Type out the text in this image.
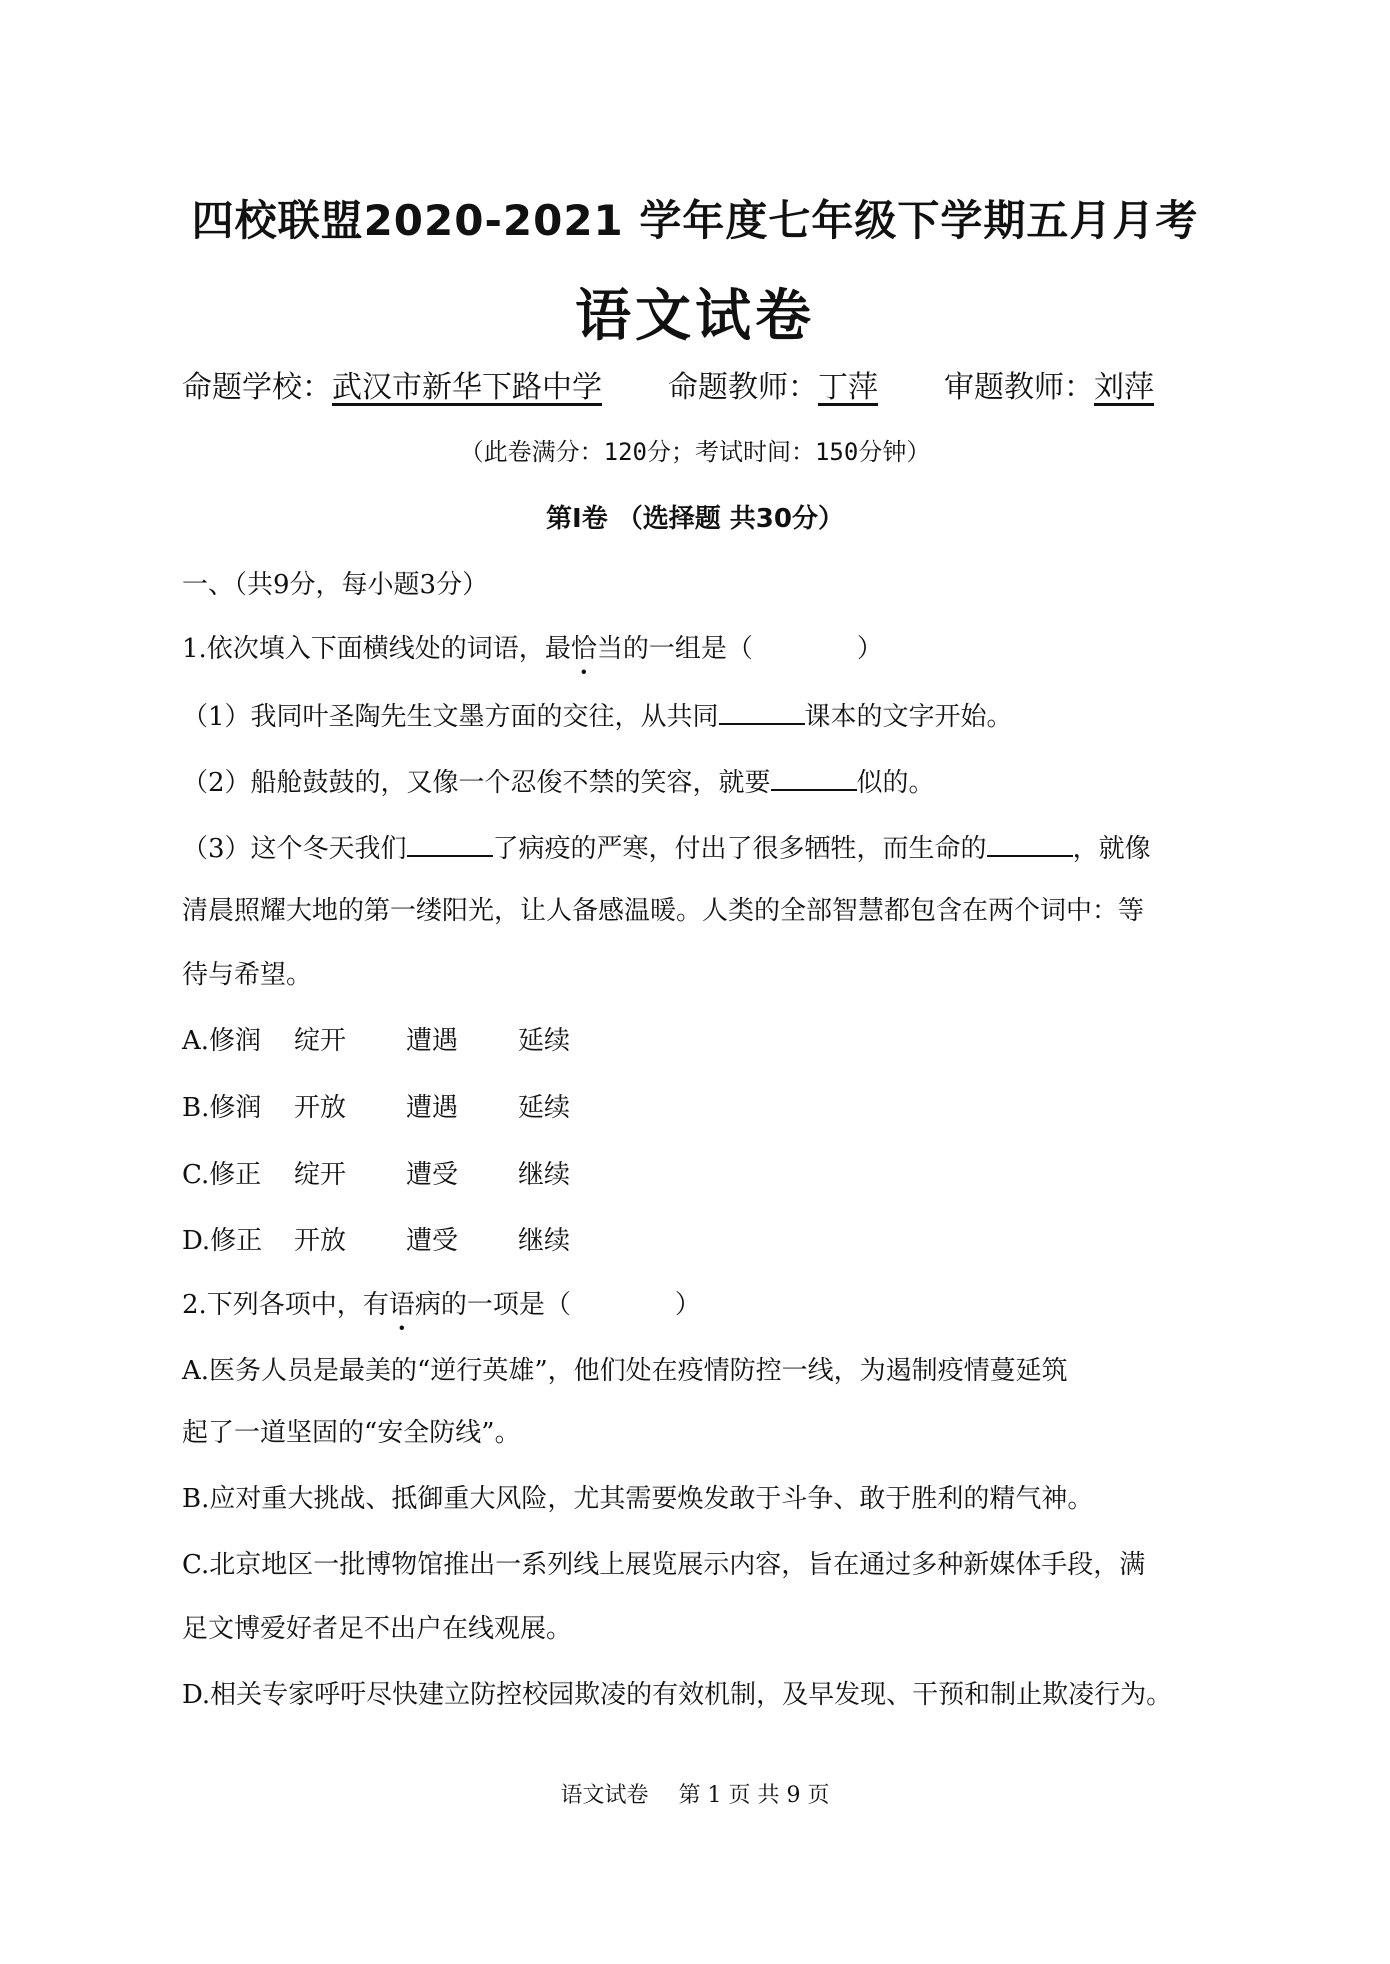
四校联盟2020-2021 学年度七年级下学期五月月考
语文试卷
命题学校：武汉市新华下路中学 命题教师：丁萍 审题教师：刘萍
（此卷满分：120分；考试时间：150分钟）
第Ⅰ卷 （选择题 共30分）
一、（共9分，每小题3分）
1.依次填入下面横线处的词语，最恰当的一组是（　　　　）
（1）我同叶圣陶先生文墨方面的交往，从共同	课本的文字开始。
（2）船舱鼓鼓的，又像一个忍俊不禁的笑容，就要	似的。
（3）这个冬天我们	了病疫的严寒，付出了很多牺牲，而生命的	，就像
清晨照耀大地的第一缕阳光，让人备感温暖。人类的全部智慧都包含在两个词中：等
待与希望。
A.修润 绽开 遭遇 延续
B.修润 开放 遭遇 延续
C.修正 绽开 遭受 继续
D.修正 开放 遭受 继续
2.下列各项中，有语病的一项是（　　　　）
A.医务人员是最美的“逆行英雄”，他们处在疫情防控一线，为遏制疫情蔓延筑
起了一道坚固的“安全防线”。
B.应对重大挑战、抵御重大风险，尤其需要焕发敢于斗争、敢于胜利的精气神。
C.北京地区一批博物馆推出一系列线上展览展示内容，旨在通过多种新媒体手段，满
足文博爱好者足不出户在线观展。
D.相关专家呼吁尽快建立防控校园欺凌的有效机制，及早发现、干预和制止欺凌行为。
语文试卷 第 1 页 共 9 页
